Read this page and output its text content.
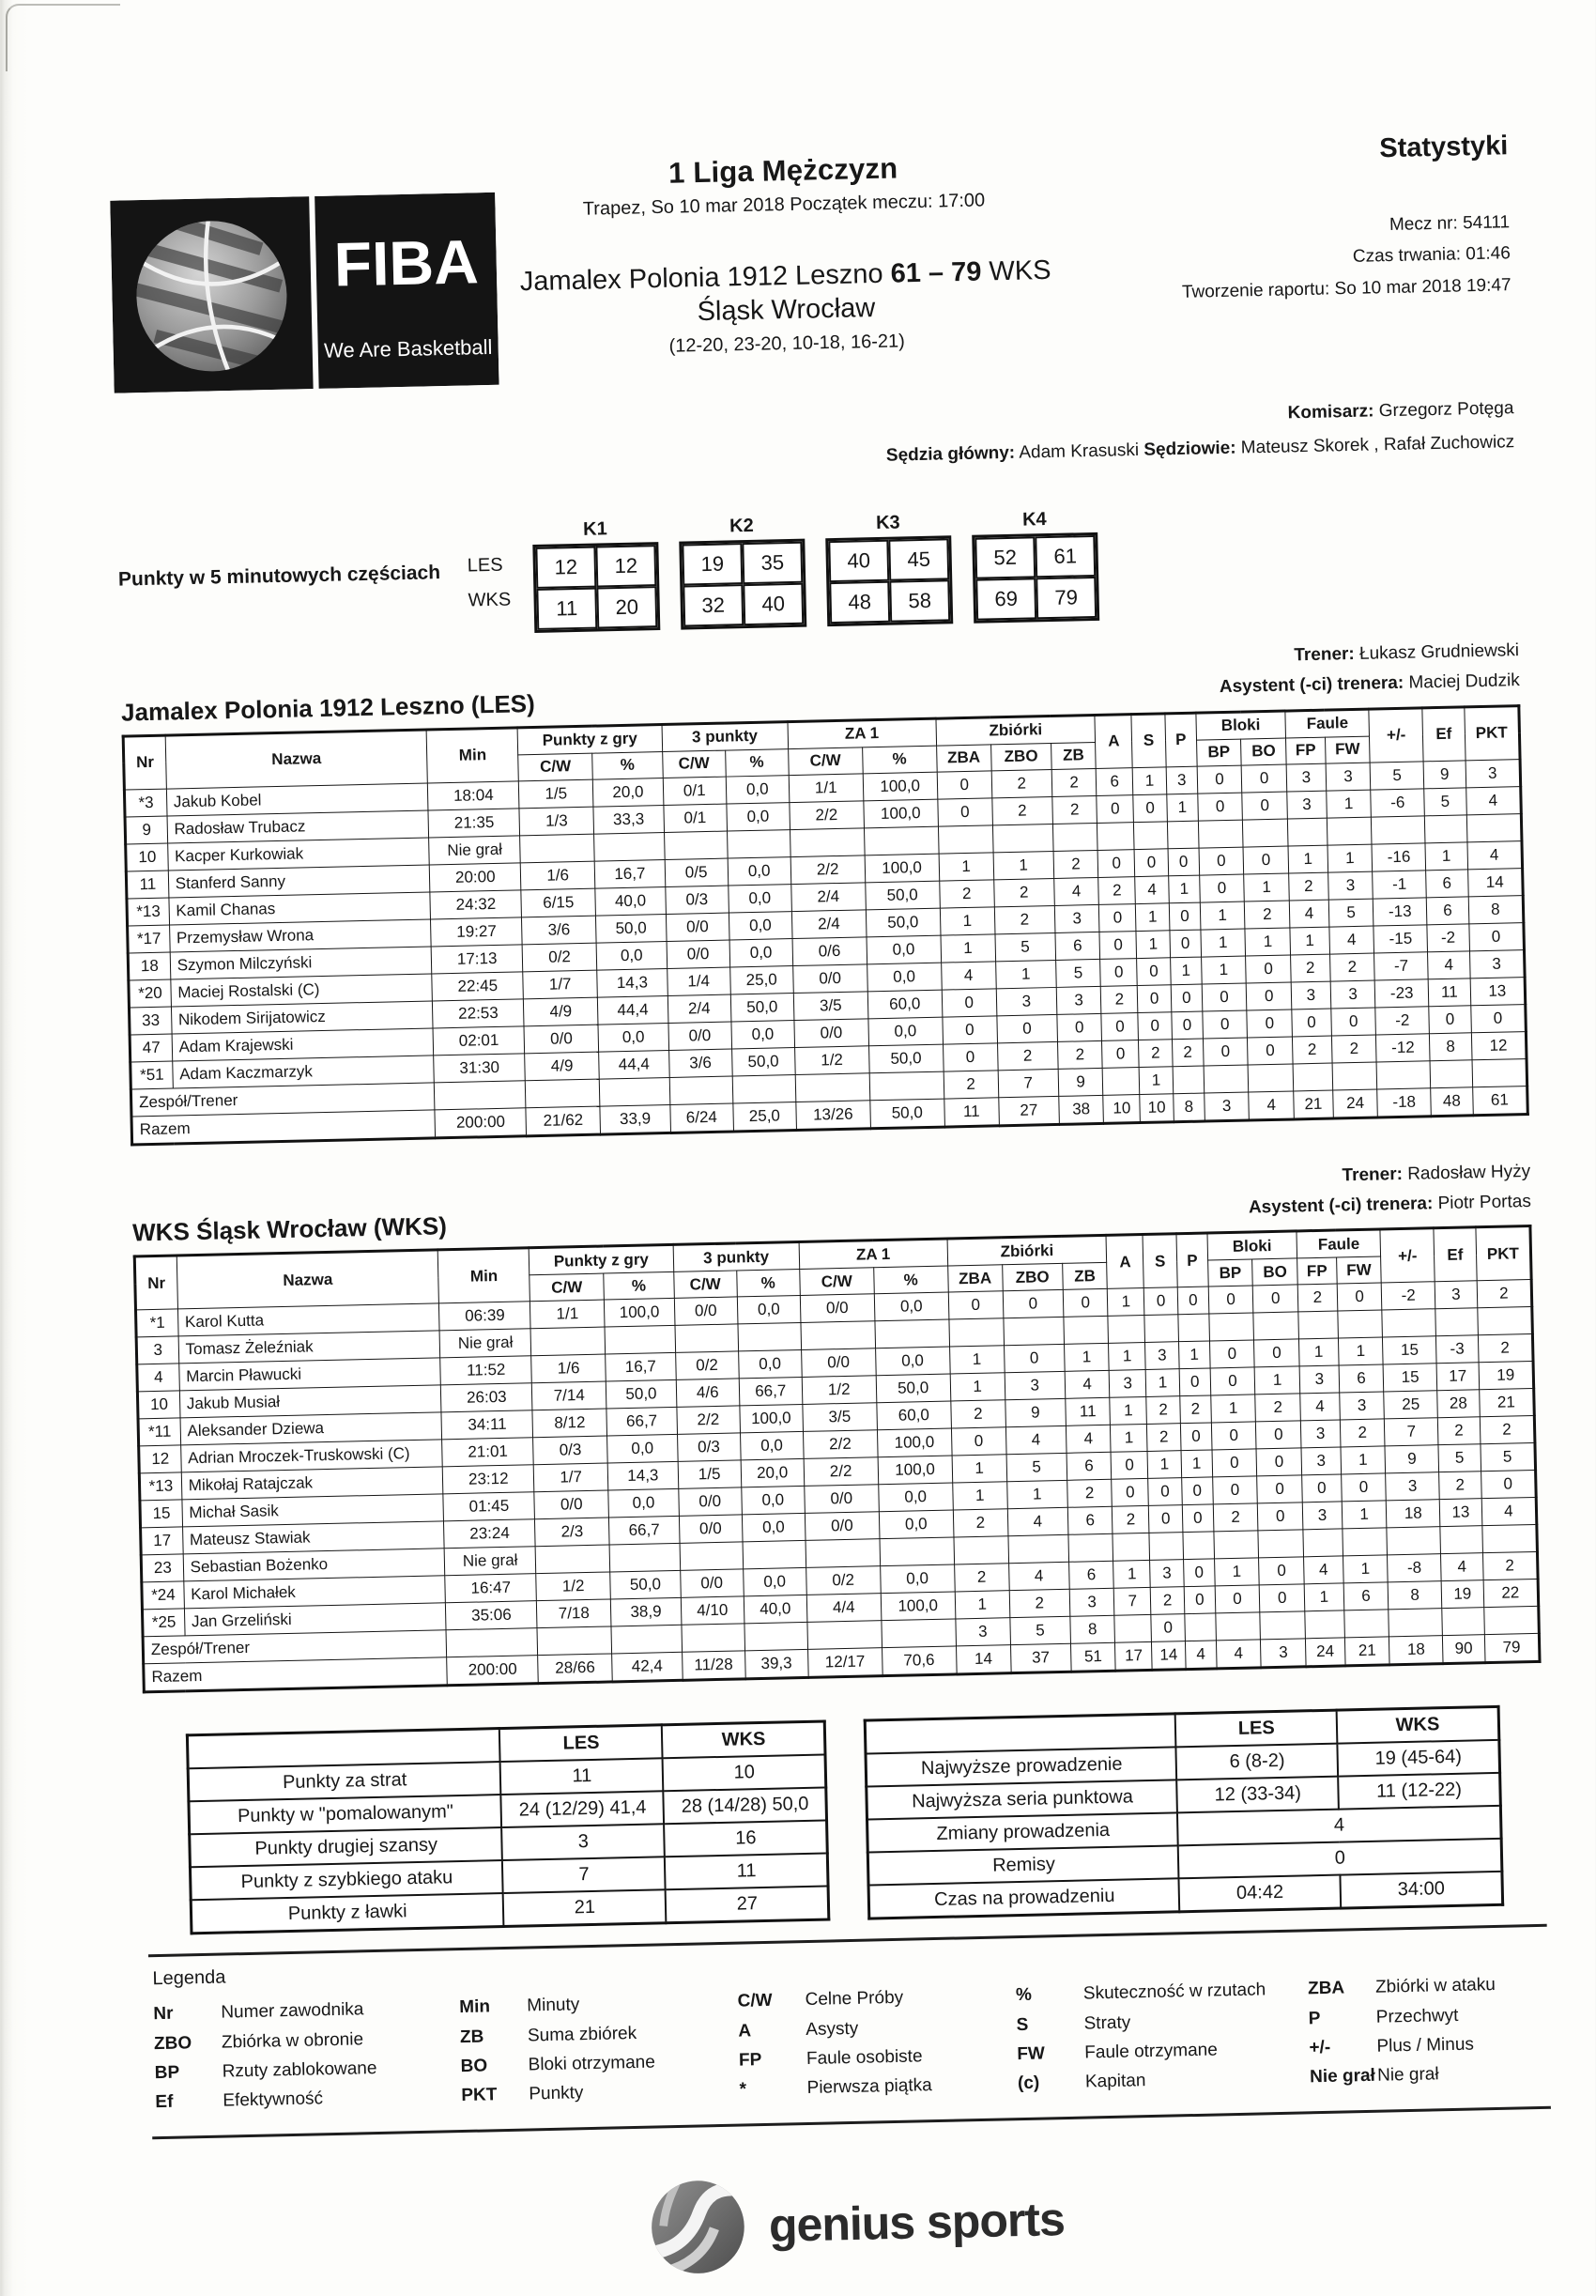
FIBA
We Are Basketball
1 Liga Mężczyzn
Trapez, So 10 mar 2018 Początek meczu: 17:00
Jamalex Polonia 1912 Leszno 61 – 79 WKS Śląsk Wrocław
(12-20, 23-20, 10-18, 16-21)
Statystyki
Mecz nr: 54111
Czas trwania: 01:46
Tworzenie raportu: So 10 mar 2018 19:47
Komisarz: Grzegorz Potęga
Sędzia główny: Adam Krasuski Sędziowie: Mateusz Skorek , Rafał Zuchowicz
Punkty w 5 minutowych częściach	LES
WKS
K1
12	12
11	20
K2
19	35
32	40
K3
40	45
48	58
K4
52	61
69	79
Jamalex Polonia 1912 Leszno (LES)
Trener: Łukasz Grudniewski
Asystent (-ci) trenera: Maciej Dudzik
Nr	Nazwa	Min	Punkty z gry		3 punkty		ZA 1		Zbiórki			A	S	P	Bloki		Faule		+/-	Ef	PKT
			C/W	%	C/W	%	C/W	%	ZBA	ZBO	ZB				BP	BO	FP	FW			
*3	Jakub Kobel	18:04	1/5	20,0	0/1	0,0	1/1	100,0	0	2	2	6	1	3	0	0	3	3	5	9	3
9	Radosław Trubacz	21:35	1/3	33,3	0/1	0,0	2/2	100,0	0	2	2	0	0	1	0	0	3	1	-6	5	4
10	Kacper Kurkowiak	Nie grał																			
11	Stanferd Sanny	20:00	1/6	16,7	0/5	0,0	2/2	100,0	1	1	2	0	0	0	0	0	1	1	-16	1	4
*13	Kamil Chanas	24:32	6/15	40,0	0/3	0,0	2/4	50,0	2	2	4	2	4	1	0	1	2	3	-1	6	14
*17	Przemysław Wrona	19:27	3/6	50,0	0/0	0,0	2/4	50,0	1	2	3	0	1	0	1	2	4	5	-13	6	8
18	Szymon Milczyński	17:13	0/2	0,0	0/0	0,0	0/6	0,0	1	5	6	0	1	0	1	1	1	4	-15	-2	0
*20	Maciej Rostalski (C)	22:45	1/7	14,3	1/4	25,0	0/0	0,0	4	1	5	0	0	1	1	0	2	2	-7	4	3
33	Nikodem Sirijatowicz	22:53	4/9	44,4	2/4	50,0	3/5	60,0	0	3	3	2	0	0	0	0	3	3	-23	11	13
47	Adam Krajewski	02:01	0/0	0,0	0/0	0,0	0/0	0,0	0	0	0	0	0	0	0	0	0	0	-2	0	0
*51	Adam Kaczmarzyk	31:30	4/9	44,4	3/6	50,0	1/2	50,0	0	2	2	0	2	2	0	0	2	2	-12	8	12
Zespół/Trener									2	7	9		1								
Razem		200:00	21/62	33,9	6/24	25,0	13/26	50,0	11	27	38	10	10	8	3	4	21	24	-18	48	61
WKS Śląsk Wrocław (WKS)
Trener: Radosław Hyży
Asystent (-ci) trenera: Piotr Portas
Nr	Nazwa	Min	Punkty z gry		3 punkty		ZA 1		Zbiórki			A	S	P	Bloki		Faule		+/-	Ef	PKT
			C/W	%	C/W	%	C/W	%	ZBA	ZBO	ZB				BP	BO	FP	FW			
*1	Karol Kutta	06:39	1/1	100,0	0/0	0,0	0/0	0,0	0	0	0	1	0	0	0	0	2	0	-2	3	2
3	Tomasz Żeleźniak	Nie grał																			
4	Marcin Pławucki	11:52	1/6	16,7	0/2	0,0	0/0	0,0	1	0	1	1	3	1	0	0	1	1	15	-3	2
10	Jakub Musiał	26:03	7/14	50,0	4/6	66,7	1/2	50,0	1	3	4	3	1	0	0	1	3	6	15	17	19
*11	Aleksander Dziewa	34:11	8/12	66,7	2/2	100,0	3/5	60,0	2	9	11	1	2	2	1	2	4	3	25	28	21
12	Adrian Mroczek-Truskowski (C)	21:01	0/3	0,0	0/3	0,0	2/2	100,0	0	4	4	1	2	0	0	0	3	2	7	2	2
*13	Mikołaj Ratajczak	23:12	1/7	14,3	1/5	20,0	2/2	100,0	1	5	6	0	1	1	0	0	3	1	9	5	5
15	Michał Sasik	01:45	0/0	0,0	0/0	0,0	0/0	0,0	1	1	2	0	0	0	0	0	0	0	3	2	0
17	Mateusz Stawiak	23:24	2/3	66,7	0/0	0,0	0/0	0,0	2	4	6	2	0	0	2	0	3	1	18	13	4
23	Sebastian Bożenko	Nie grał																			
*24	Karol Michałek	16:47	1/2	50,0	0/0	0,0	0/2	0,0	2	4	6	1	3	0	1	0	4	1	-8	4	2
*25	Jan Grzeliński	35:06	7/18	38,9	4/10	40,0	4/4	100,0	1	2	3	7	2	0	0	0	1	6	8	19	22
Zespół/Trener									3	5	8		0								
Razem		200:00	28/66	42,4	11/28	39,3	12/17	70,6	14	37	51	17	14	4	4	3	24	21	18	90	79
	LES	WKS
Punkty za strat	11	10
Punkty w "pomalowanym"	24 (12/29) 41,4	28 (14/28) 50,0
Punkty drugiej szansy	3	16
Punkty z szybkiego ataku	7	11
Punkty z ławki	21	27
	LES	WKS
Najwyższe prowadzenie	6 (8-2)	19 (45-64)
Najwyższa seria punktowa	12 (33-34)	11 (12-22)
Zmiany prowadzenia	4	
Remisy	0	
Czas na prowadzeniu	04:42	34:00
Legenda
Nr	Numer zawodnika
ZBO	Zbiórka w obronie
BP	Rzuty zablokowane
Ef	Efektywność
Min	Minuty
ZB	Suma zbiórek
BO	Bloki otrzymane
PKT	Punkty
C/W	Celne Próby
A	Asysty
FP	Faule osobiste
*	Pierwsza piątka
%	Skuteczność w rzutach
S	Straty
FW	Faule otrzymane
(c)	Kapitan
ZBA	Zbiórki w ataku
P	Przechwyt
+/-	Plus / Minus
Nie grał Nie grał
genius sports
